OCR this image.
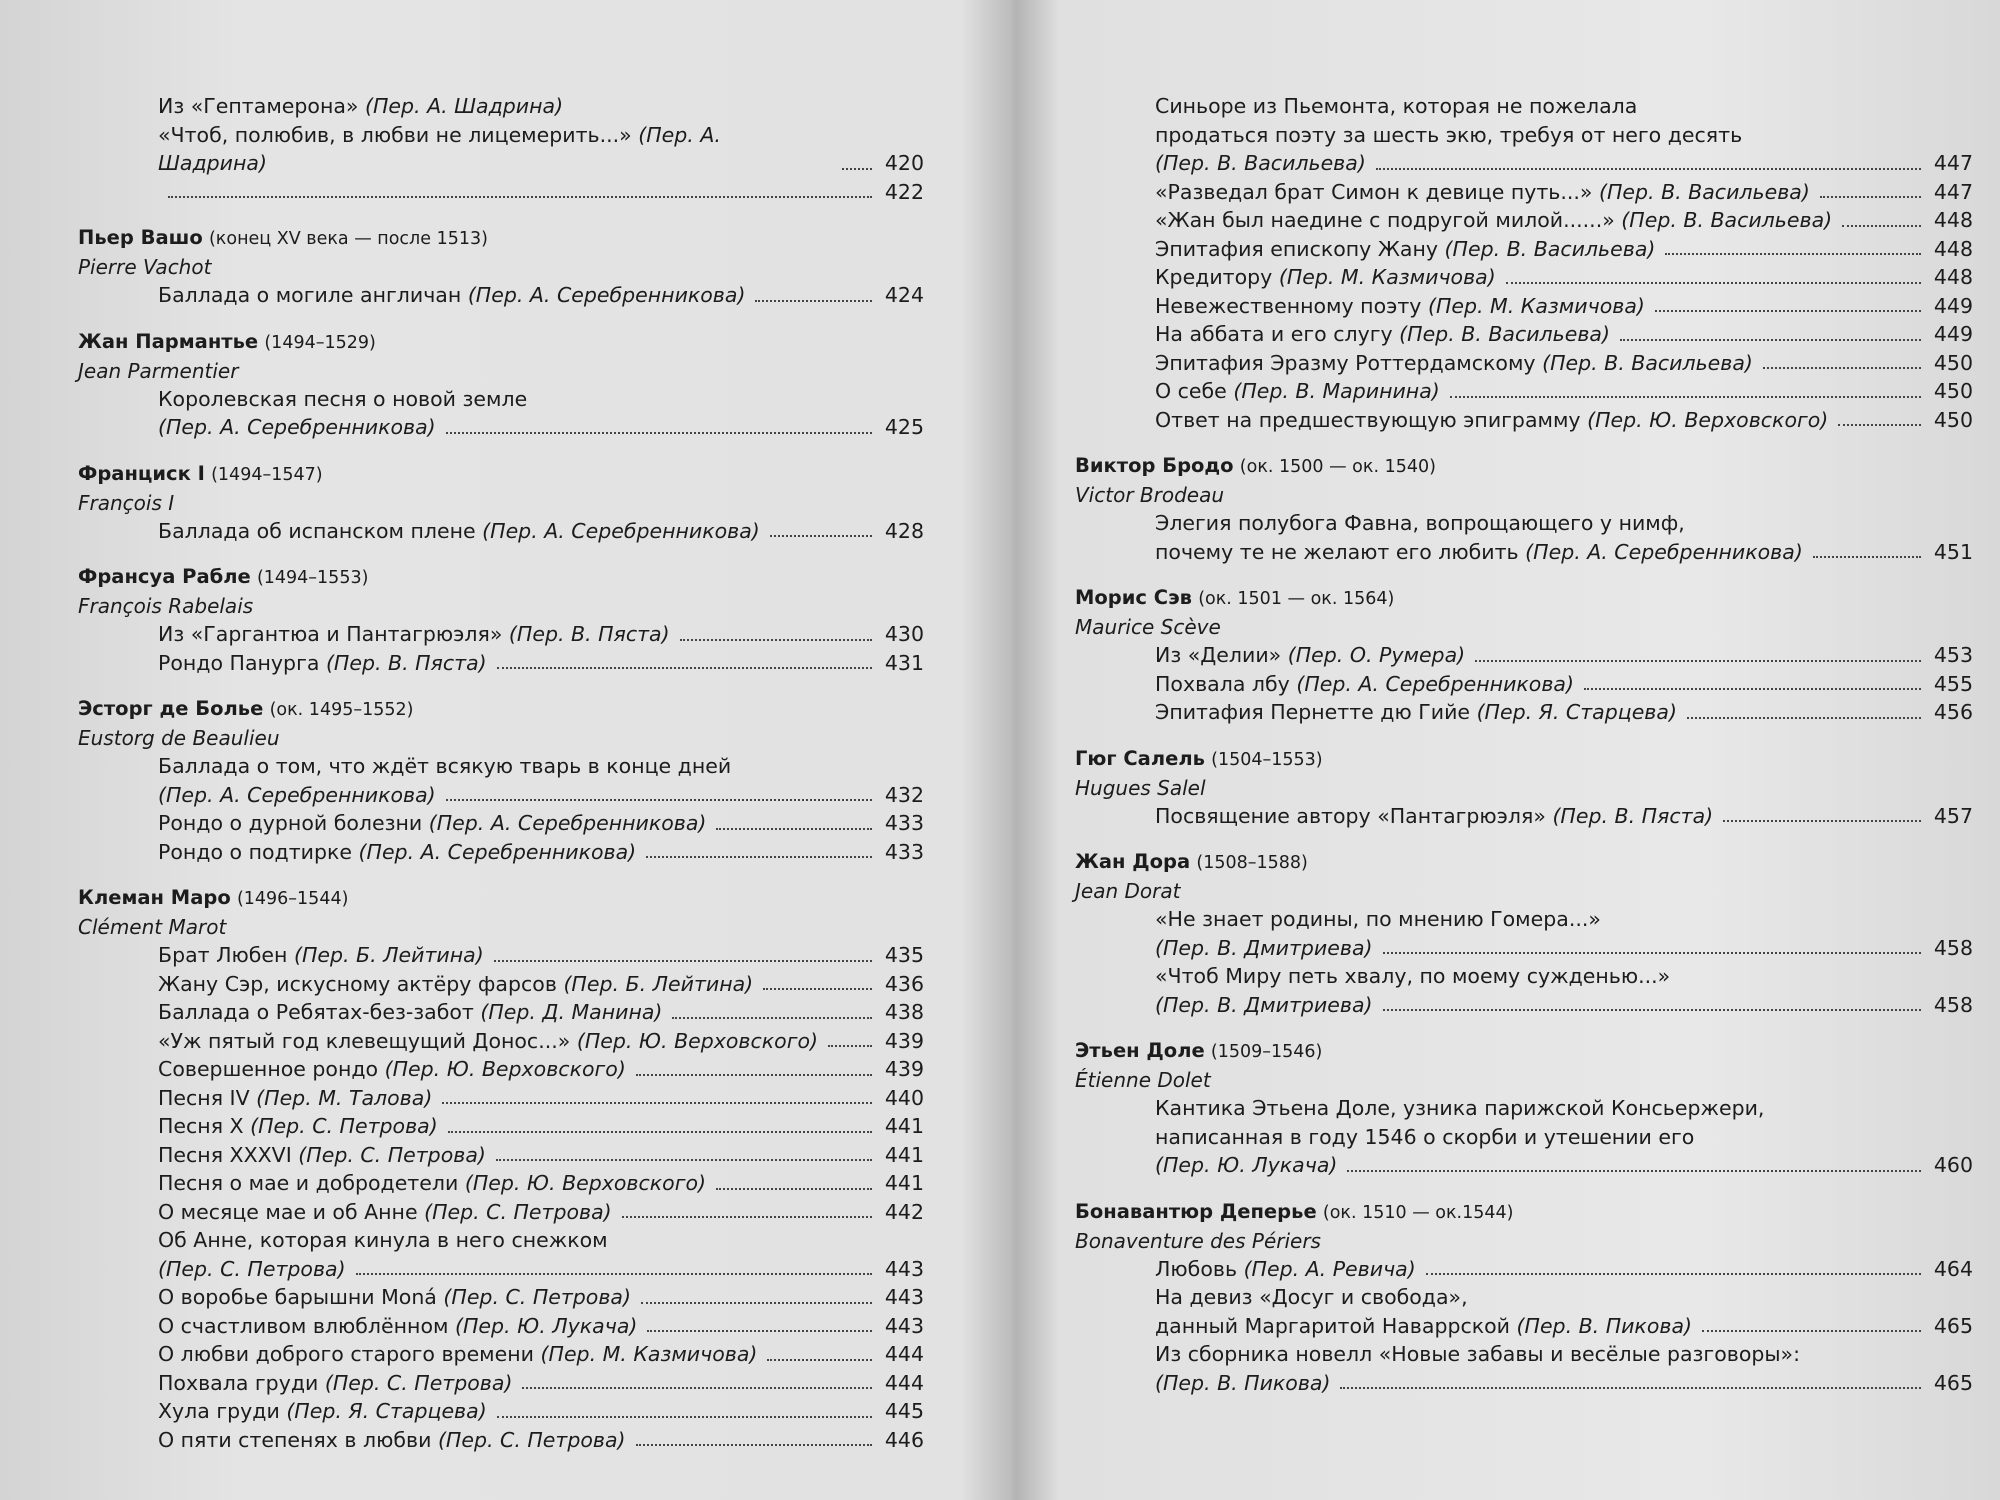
Из «Гептамерона» (Пер. А. Шадрина)
«Чтоб, полюбив, в любви не лицемерить...» (Пер. А. Шадрина)	420
422
Пьер Вашо (конец XV века — после 1513)
Pierre Vachot
Баллада о могиле англичан (Пер. А. Серебренникова)	424
Жан Пармантье (1494–1529)
Jean Parmentier
Королевская песня о новой земле
(Пер. А. Серебренникова)	425
Франциск I (1494–1547)
François I
Баллада об испанском плене (Пер. А. Серебренникова)	428
Франсуа Рабле (1494–1553)
François Rabelais
Из «Гаргантюа и Пантагрюэля» (Пер. В. Пяста)	430
Рондо Панурга (Пер. В. Пяста)	431
Эсторг де Болье (ок. 1495–1552)
Eustorg de Beaulieu
Баллада о том, что ждёт всякую тварь в конце дней
(Пер. А. Серебренникова)	432
Рондо о дурной болезни (Пер. А. Серебренникова)	433
Рондо о подтирке (Пер. А. Серебренникова)	433
Клеман Маро (1496–1544)
Clément Marot
Брат Любен (Пер. Б. Лейтина)	435
Жану Сэр, искусному актёру фарсов (Пер. Б. Лейтина)	436
Баллада о Ребятах-без-забот (Пер. Д. Манина)	438
«Уж пятый год клевещущий Донос...» (Пер. Ю. Верховского)	439
Совершенное рондо (Пер. Ю. Верховского)	439
Песня IV (Пер. М. Талова)	440
Песня X (Пер. С. Петрова)	441
Песня XXXVI (Пер. С. Петрова)	441
Песня о мае и добродетели (Пер. Ю. Верховского)	441
О месяце мае и об Анне (Пер. С. Петрова)	442
Об Анне, которая кинула в него снежком
(Пер. С. Петрова)	443
О воробье барышни Моná (Пер. С. Петрова)	443
О счастливом влюблённом (Пер. Ю. Лукача)	443
О любви доброго старого времени (Пер. М. Казмичова)	444
Похвала груди (Пер. С. Петрова)	444
Хула груди (Пер. Я. Старцева)	445
О пяти степенях в любви (Пер. С. Петрова)	446
Синьоре из Пьемонта, которая не пожелала
продаться поэту за шесть экю, требуя от него десять
(Пер. В. Васильева)	447
«Разведал брат Симон к девице путь...» (Пер. В. Васильева)	447
«Жан был наедине с подругой милой......» (Пер. В. Васильева)	448
Эпитафия епископу Жану (Пер. В. Васильева)	448
Кредитору (Пер. М. Казмичова)	448
Невежественному поэту (Пер. М. Казмичова)	449
На аббата и его слугу (Пер. В. Васильева)	449
Эпитафия Эразму Роттердамскому (Пер. В. Васильева)	450
О себе (Пер. В. Маринина)	450
Ответ на предшествующую эпиграмму (Пер. Ю. Верховского)	450
Виктор Бродо (ок. 1500 — ок. 1540)
Victor Brodeau
Элегия полубога Фавна, вопрощающего у нимф,
почему те не желают его любить (Пер. А. Серебренникова)	451
Морис Сэв (ок. 1501 — ок. 1564)
Maurice Scève
Из «Делии» (Пер. О. Румера)	453
Похвала лбу (Пер. А. Серебренникова)	455
Эпитафия Пернетте дю Гийе (Пер. Я. Старцева)	456
Гюг Салель (1504–1553)
Hugues Salel
Посвящение автору «Пантагрюэля» (Пер. В. Пяста)	457
Жан Дора (1508–1588)
Jean Dorat
«Не знает родины, по мнению Гомера...»
(Пер. В. Дмитриева)	458
«Чтоб Миру петь хвалу, по моему сужденью...»
(Пер. В. Дмитриева)	458
Этьен Доле (1509–1546)
Étienne Dolet
Кантика Этьена Доле, узника парижской Консьержери,
написанная в году 1546 о скорби и утешении его
(Пер. Ю. Лукача)	460
Бонавантюр Деперье (ок. 1510 — ок.1544)
Bonaventure des Périers
Любовь (Пер. А. Ревича)	464
На девиз «Досуг и свобода»,
данный Маргаритой Наваррской (Пер. В. Пикова)	465
Из сборника новелл «Новые забавы и весёлые разговоры»:
(Пер. В. Пикова)	465
